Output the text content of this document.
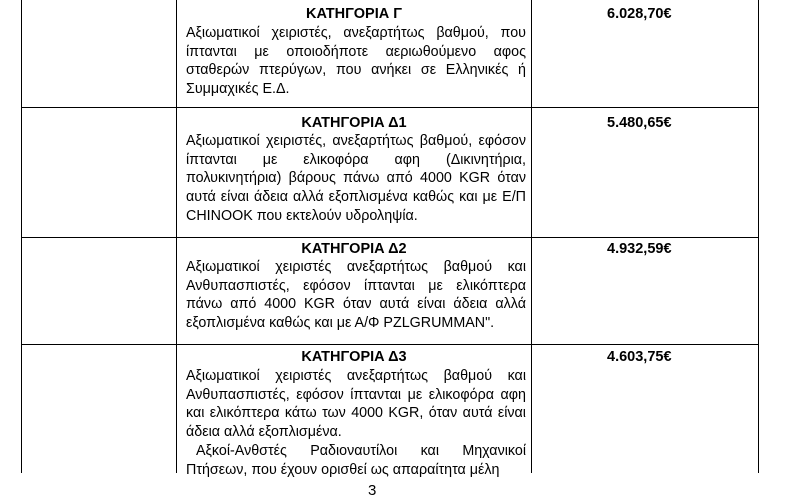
ΚΑΤΗΓΟΡΙΑ Γ

Αξιωματικοί χειριστές, ανεξαρτήτως βαθμού, που ίπτανται με οποιοδήποτε αεριωθούμενο αφος σταθερών πτερύγων, που ανήκει σε Ελληνικές ή Συμμαχικές Ε.Δ.

6.028,70€
ΚΑΤΗΓΟΡΙΑ Δ1

Αξιωματικοί χειριστές, ανεξαρτήτως βαθμού, εφόσον ίπτανται με ελικοφόρα αφη (Δικινητήρια, πολυκινητήρια) βάρους πάνω από 4000 KGR όταν αυτά είναι άδεια αλλά εξοπλισμένα καθώς και με Ε/Π CHINOOK που εκτελούν υδροληψία.

5.480,65€
ΚΑΤΗΓΟΡΙΑ Δ2

Αξιωματικοί χειριστές ανεξαρτήτως βαθμού και Ανθυπασπιστές, εφόσον ίπτανται με ελικόπτερα πάνω από 4000 KGR όταν αυτά είναι άδεια αλλά εξοπλισμένα καθώς και με Α/Φ PZLGRUMMAN".

4.932,59€
ΚΑΤΗΓΟΡΙΑ Δ3

Αξιωματικοί χειριστές ανεξαρτήτως βαθμού και Ανθυπασπιστές, εφόσον ίπτανται με ελικοφόρα αφη και ελικόπτερα κάτω των 4000 KGR, όταν αυτά είναι άδεια αλλά εξοπλισμένα.

Αξκοί-Ανθστές Ραδιοναυτίλοι και Μηχανικοί Πτήσεων, που έχουν ορισθεί ως απαραίτητα μέλη

4.603,75€
3
